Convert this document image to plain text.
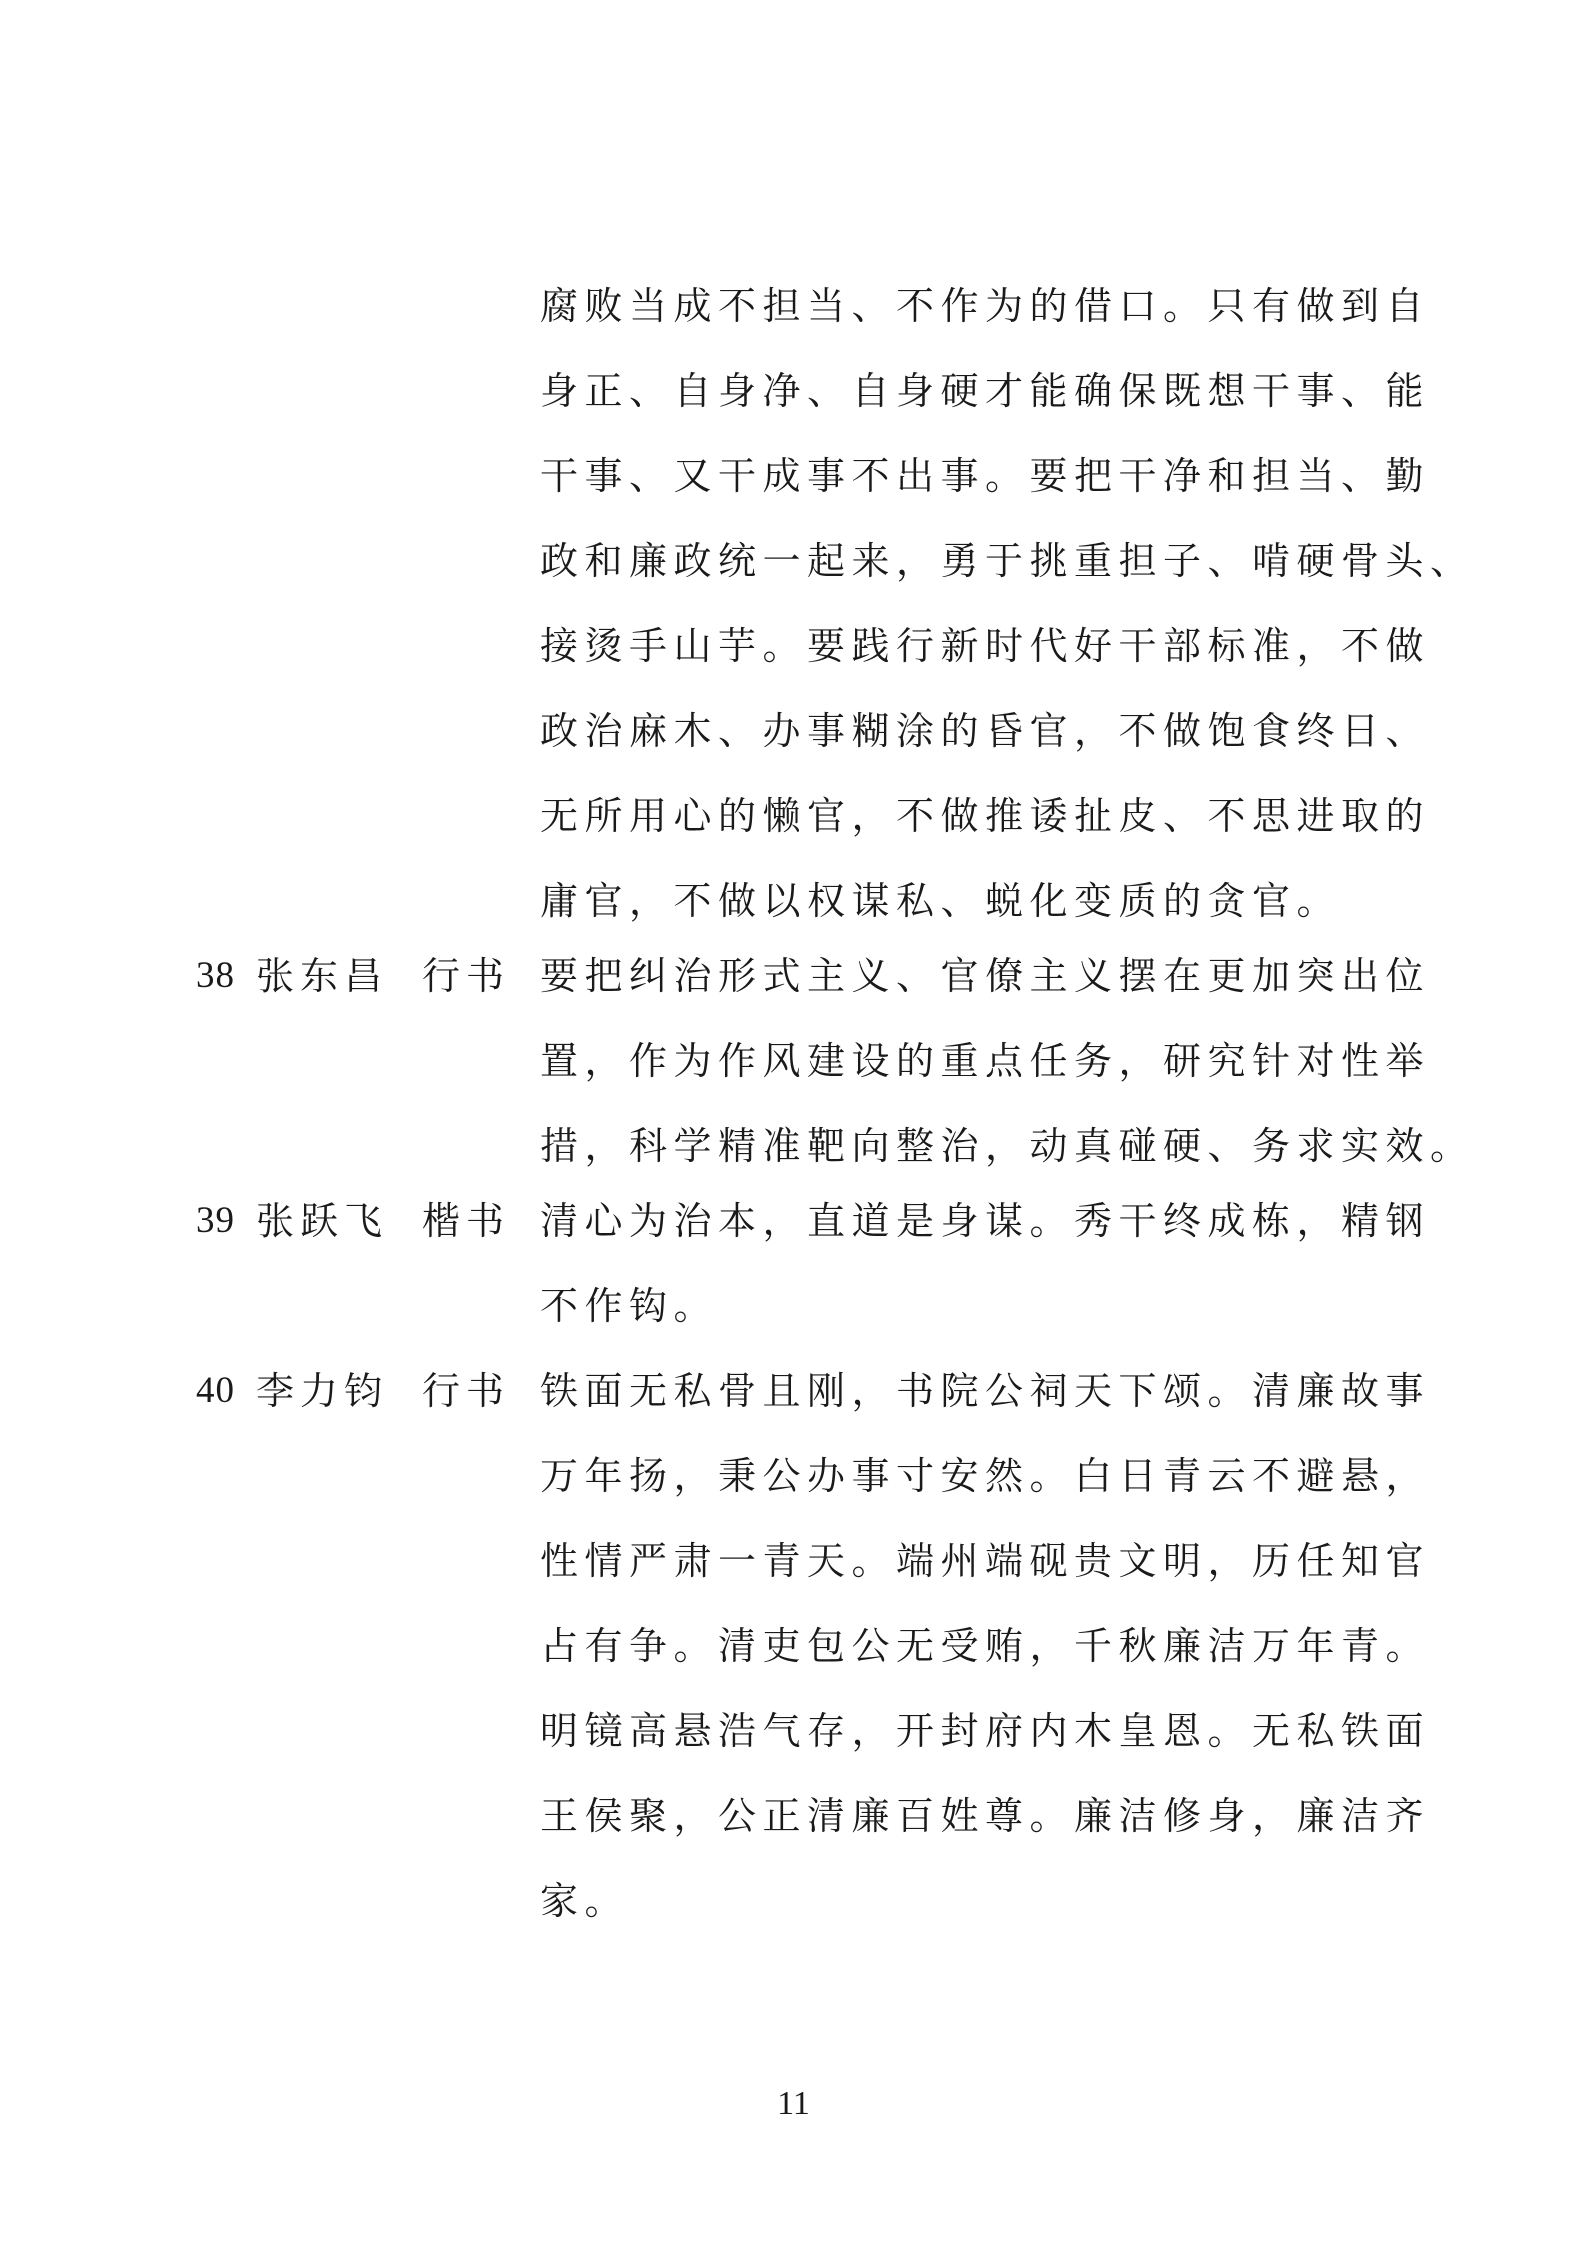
腐败当成不担当、不作为的借口。只有做到自
身正、自身净、自身硬才能确保既想干事、能
干事、又干成事不出事。要把干净和担当、勤
政和廉政统一起来，勇于挑重担子、啃硬骨头、
接烫手山芋。要践行新时代好干部标准，不做
政治麻木、办事糊涂的昏官，不做饱食终日、
无所用心的懒官，不做推诿扯皮、不思进取的
庸官，不做以权谋私、蜕化变质的贪官。
38 张东昌 行书 要把纠治形式主义、官僚主义摆在更加突出位
置，作为作风建设的重点任务，研究针对性举
措，科学精准靶向整治，动真碰硬、务求实效。
39 张跃飞 楷书 清心为治本，直道是身谋。秀干终成栋，精钢
不作钩。
40 李力钧 行书 铁面无私骨且刚，书院公祠天下颂。清廉故事
万年扬，秉公办事寸安然。白日青云不避悬，
性情严肃一青天。端州端砚贵文明，历任知官
占有争。清吏包公无受贿，千秋廉洁万年青。
明镜高悬浩气存，开封府内木皇恩。无私铁面
王侯聚，公正清廉百姓尊。廉洁修身，廉洁齐
家。
11
